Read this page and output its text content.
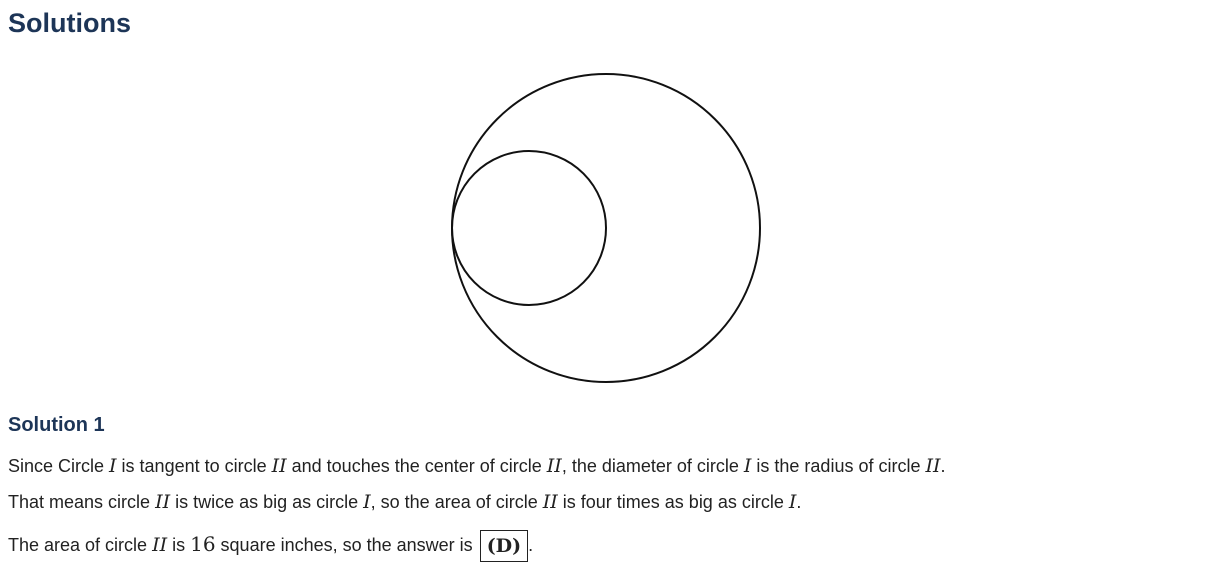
Solutions
Solution 1

Since Circle I is tangent to circle II and touches the center of circle II, the diameter of circle I is the radius of circle II.

That means circle II is twice as big as circle I, so the area of circle II is four times as big as circle I.

The area of circle II is 16 square inches, so the answer is (D) .
